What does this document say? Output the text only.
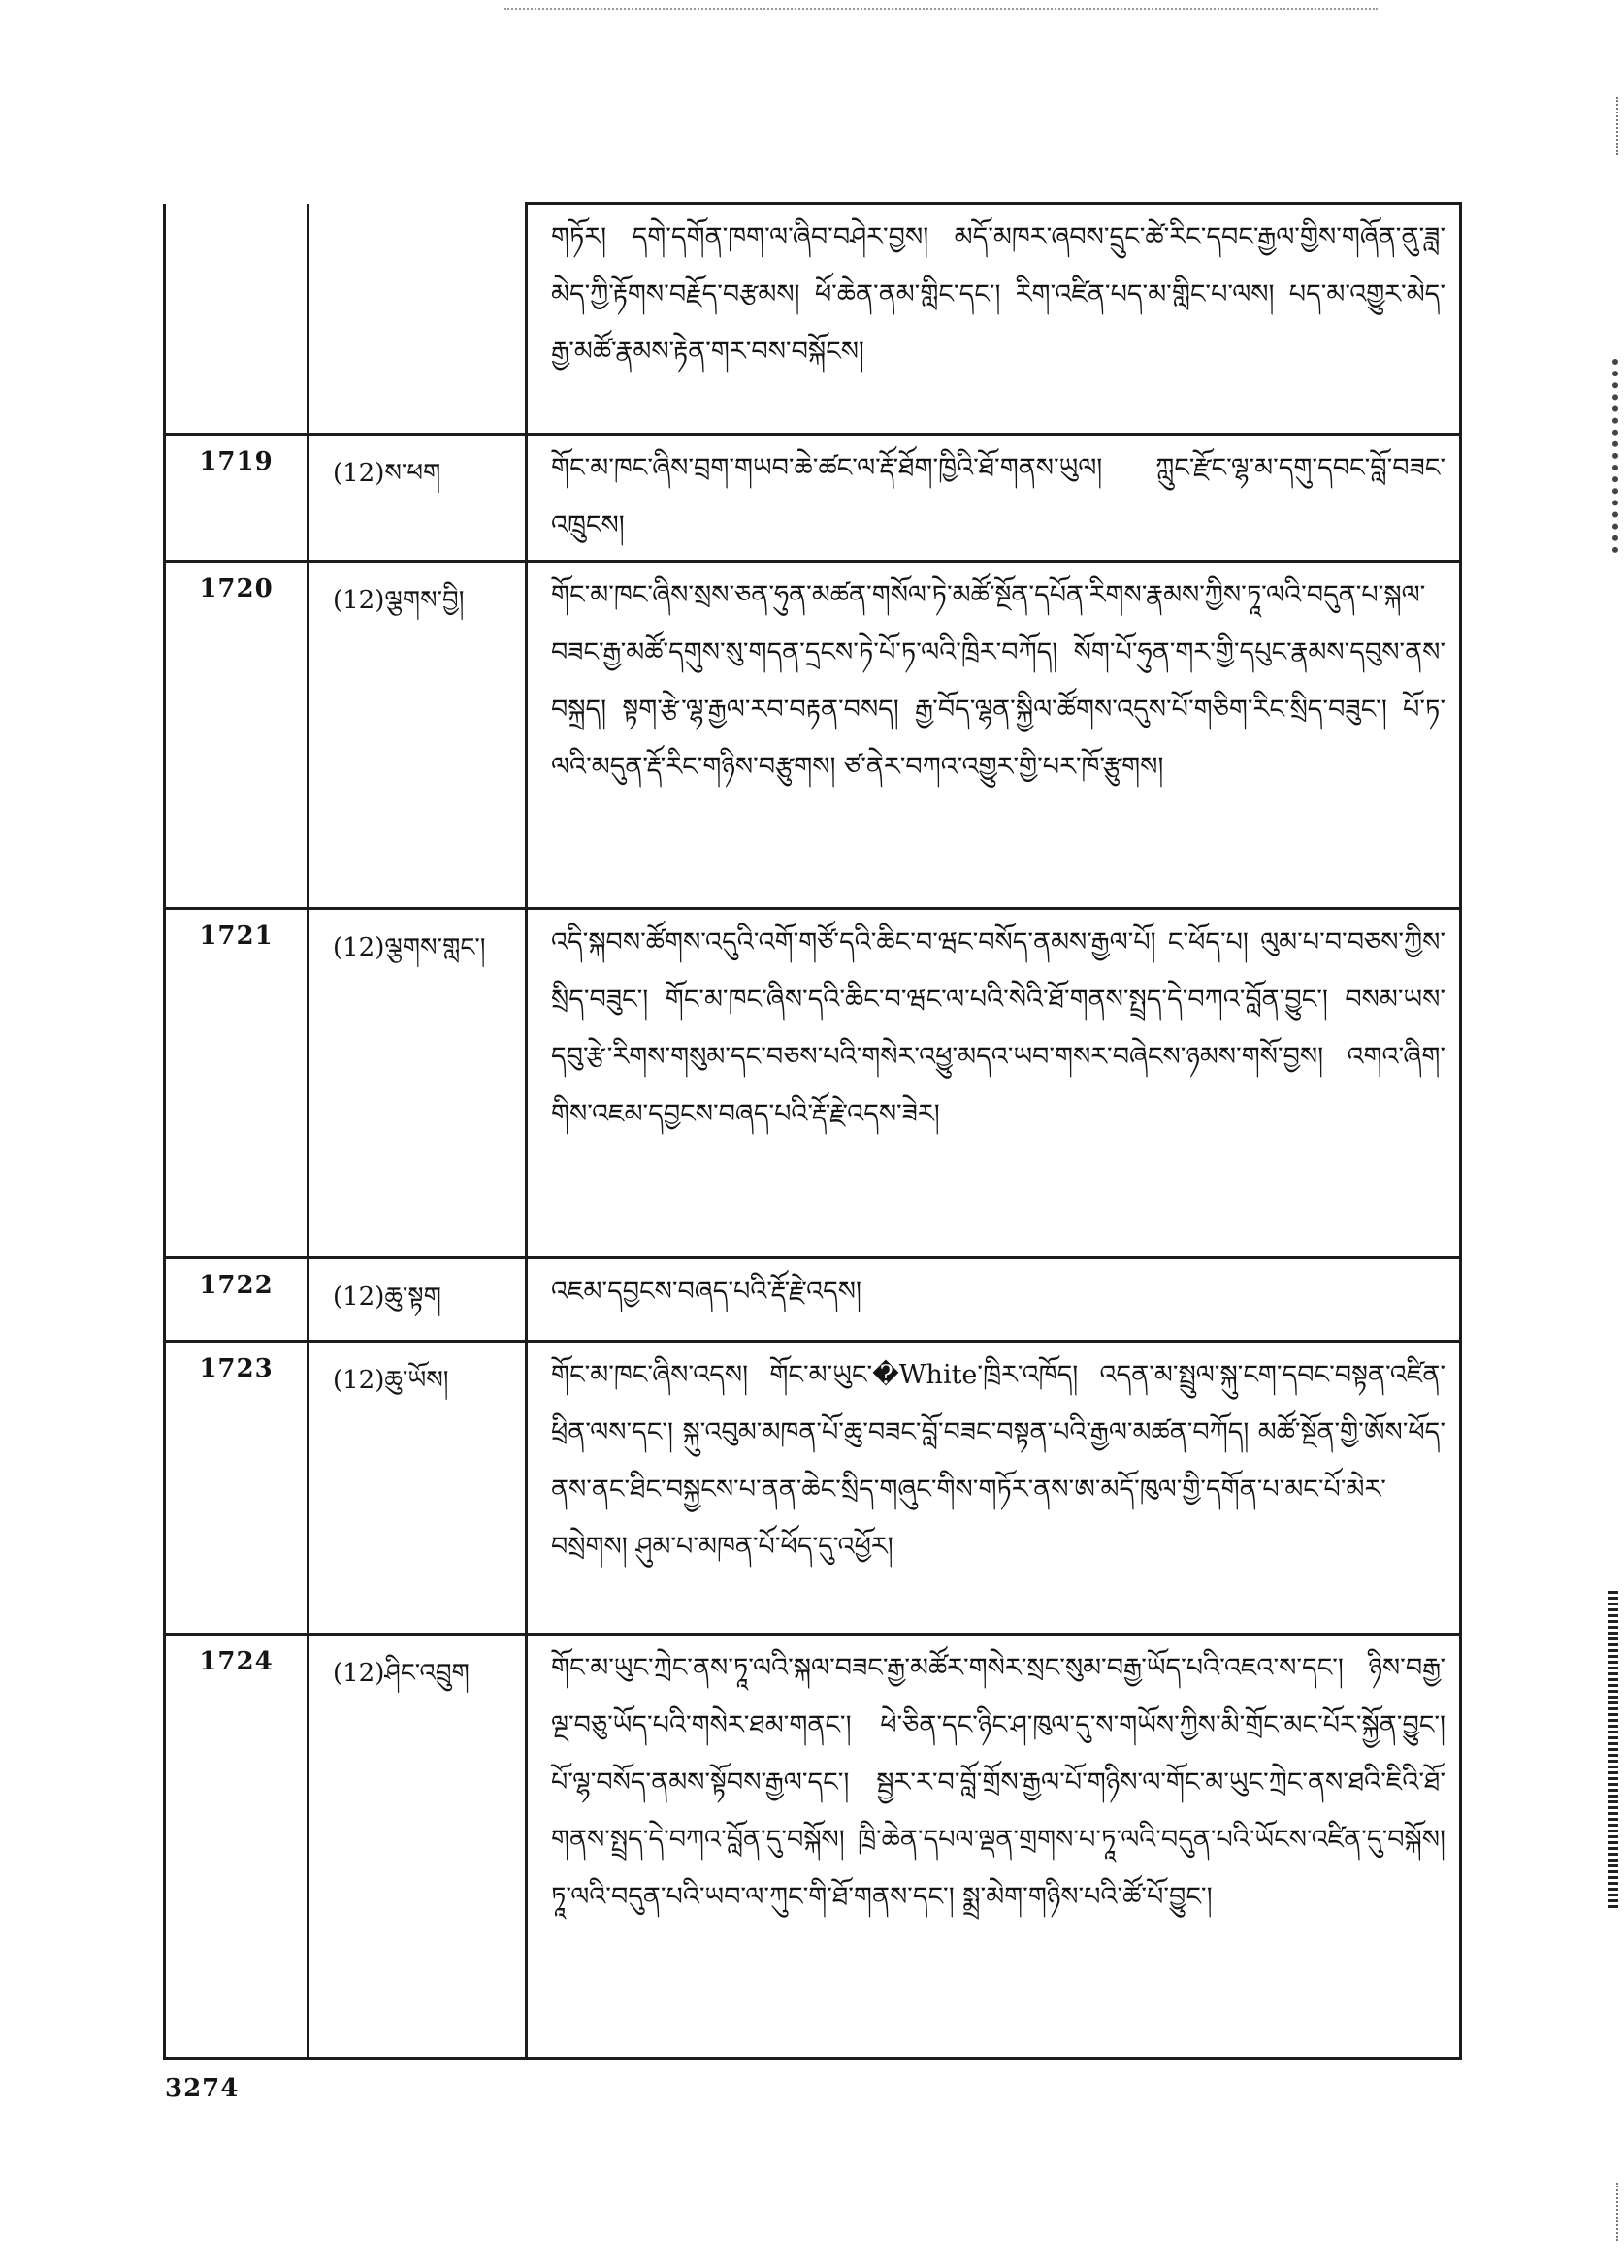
		གཏོར། དགེ་དགོན་ཁག་ལ་ཞིབ་བཤེར་བྱས། མདོ་མཁར་ཞབས་དྲུང་ཚེ་རིང་དབང་རྒྱལ་གྱིས་གཞོན་ནུ་ཟླ་མེད་ཀྱི་རྟོགས་བརྗོད་བརྩམས། ཕོ་ཆེན་ནམ་གླིང་དང་། རིག་འཛིན་པད་མ་གླིང་པ་ལས། པད་མ་འགྱུར་མེད་རྒྱ་མཚོ་རྣམས་རྟེན་གར་བས་བསྐོངས།
1719	(12)ས་ཕག	གོང་མ་ཁང་ཞིས་བྲག་གཡབ་ཆེ་ཚང་ལ་རྡོ་ཐོག་ཁྱིའི་ཐོ་གནས་ཡུལ། ཀླུང་རྫོང་ལྷ་མ་དགུ་དབང་བློ་བཟང་འཁྲུངས།
1720	(12)ལྕགས་བྱི།	གོང་མ་ཁང་ཞིས་སྲས་ཅན་ཧུན་མཚན་གསོལ་ཏེ་མཚོ་སྔོན་དཔོན་རིགས་རྣམས་ཀྱིས་ཏཱ་ལའི་བདུན་པ་སྐལ་བཟང་རྒྱ་མཚོ་དགུས་སུ་གདན་དྲངས་ཏེ་པོ་ཏ་ལའི་ཁྲིར་བཀོད། སོག་པོ་ཧུན་གར་གྱི་དཔུང་རྣམས་དབུས་ནས་བསྐྲད། སྟག་རྩེ་ལྷ་རྒྱལ་རབ་བརྟན་བསད། རྒྱ་བོད་ལྷན་སྐྱིལ་ཚོགས་འདུས་པོ་གཅིག་རིང་སྲིད་བཟུང་། པོ་ཏ་ལའི་མདུན་རྡོ་རིང་གཉིས་བརྩུགས། ཙ་ནེར་བཀའ་འགྱུར་གྱི་པར་ཁོ་རྩུགས།
1721	(12)ལྕགས་གླང་།	འདི་སྐབས་ཚོགས་འདུའི་འགོ་གཙོ་དའི་ཆིང་བ་ཝང་བསོད་ནམས་རྒྱལ་པོ། ང་ཕོད་པ། ལུམ་པ་བ་བཅས་ཀྱིས་སྲིད་བཟུང་། གོང་མ་ཁང་ཞིས་དའི་ཆིང་བ་ཝང་ལ་པའི་སེའི་ཐོ་གནས་སྤྲད་དེ་བཀའ་བློན་བྱུང་། བསམ་ཡས་དབུ་རྩེ་རིགས་གསུམ་དང་བཅས་པའི་གསེར་འཕྱུ་མདའ་ཡབ་གསར་བཞེངས་ཉམས་གསོ་བྱས། འགའ་ཞིག་གིས་འཇམ་དབྱངས་བཞད་པའི་རྡོ་རྗེ་འདས་ཟེར།
1722	(12)ཆུ་སྟག	འཇམ་དབྱངས་བཞད་པའི་རྡོ་རྗེ་འདས།
1723	(12)ཆུ་ཡོས།	གོང་མ་ཁང་ཞིས་འདས། གོང་མ་ཡུང་�White་ཁྲིར་འཁོད། འདན་མ་སྤྲུལ་སྐུ་ངག་དབང་བསྟན་འཛིན་ཕྲིན་ལས་དང་། སྐུ་འབུམ་མཁན་པོ་ཆུ་བཟང་བློ་བཟང་བསྟན་པའི་རྒྱལ་མཚན་བཀོད། མཚོ་སྔོན་གྱི་ཨོས་ཕོད་ནས་ནང་ཐིང་བསྐྱངས་པ་ནན་ཆེང་སྲིད་གཞུང་གིས་གཏོར་ནས་ཨ་མདོ་ཁུལ་གྱི་དགོན་པ་མང་པོ་མེར་བསྲེགས། ཤུམ་པ་མཁན་པོ་ཕོད་དུ་འཕྱོར།
1724	(12)ཤིང་འབྲུག	གོང་མ་ཡུང་ཀྲེང་ནས་ཏཱ་ལའི་སྐལ་བཟང་རྒྱ་མཚོར་གསེར་སྲང་སུམ་བརྒྱ་ཡོད་པའི་འཇའ་ས་དང་། ཉིས་བརྒྱ་ལྔ་བཅུ་ཡོད་པའི་གསེར་ཐམ་གནང་། ཕེ་ཅིན་དང་ཉིང་ཤ་ཁུལ་དུ་ས་གཡོས་ཀྱིས་མི་གྲོང་མང་པོར་སྐྱོན་བྱུང་། པོ་ལྷ་བསོད་ནམས་སྟོབས་རྒྱལ་དང་། སྦྱར་ར་བ་བློ་གྲོས་རྒྱལ་པོ་གཉིས་ལ་གོང་མ་ཡུང་ཀྲེང་ནས་ཐའི་ཇིའི་ཐོ་གནས་སྤྲད་དེ་བཀའ་བློན་དུ་བསྐོས། ཁྲི་ཆེན་དཔལ་ལྡན་གྲགས་པ་ཏཱ་ལའི་བདུན་པའི་ཡོངས་འཛིན་དུ་བསྐོས། ཏཱ་ལའི་བདུན་པའི་ཡབ་ལ་ཀུང་གི་ཐོ་གནས་དང་། སྨྲ་མེག་གཉིས་པའི་ཚོ་པོ་བྱུང་།
3274
